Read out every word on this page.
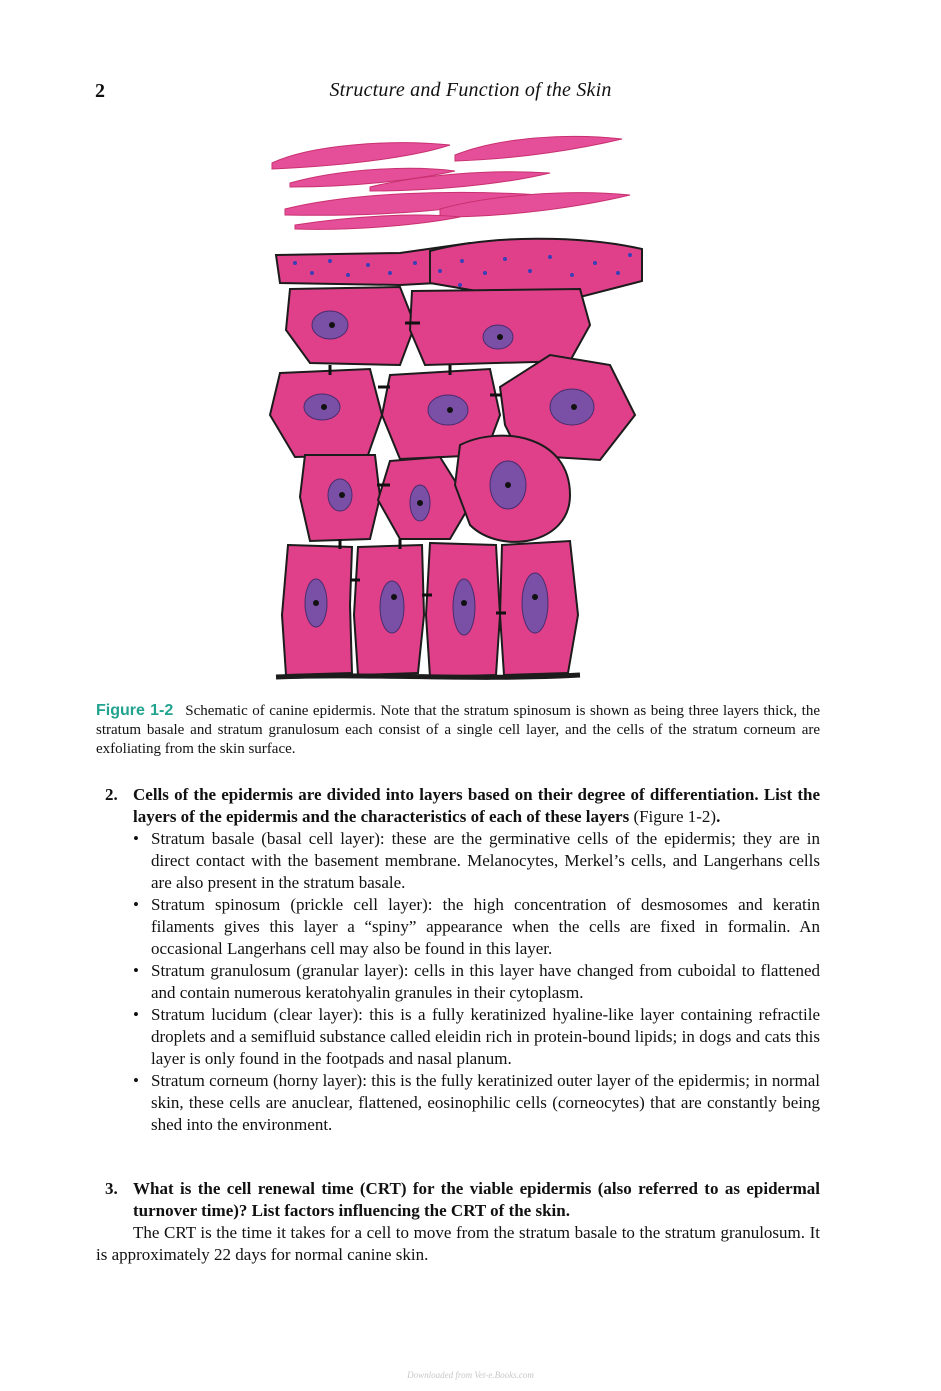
2	Structure and Function of the Skin
Figure 1-2 Schematic of canine epidermis. Note that the stratum spinosum is shown as being three layers thick, the stratum basale and stratum granulosum each consist of a single cell layer, and the cells of the stratum corneum are exfoliating from the skin surface.
2. Cells of the epidermis are divided into layers based on their degree of differentiation. List the layers of the epidermis and the characteristics of each of these layers (Figure 1-2).
• Stratum basale (basal cell layer): these are the germinative cells of the epidermis; they are in direct contact with the basement membrane. Melanocytes, Merkel’s cells, and Langerhans cells are also present in the stratum basale.
• Stratum spinosum (prickle cell layer): the high concentration of desmosomes and keratin filaments gives this layer a “spiny” appearance when the cells are fixed in formalin. An occasional Langerhans cell may also be found in this layer.
• Stratum granulosum (granular layer): cells in this layer have changed from cuboidal to flattened and contain numerous keratohyalin granules in their cytoplasm.
• Stratum lucidum (clear layer): this is a fully keratinized hyaline-like layer containing refractile droplets and a semifluid substance called eleidin rich in protein-bound lipids; in dogs and cats this layer is only found in the footpads and nasal planum.
• Stratum corneum (horny layer): this is the fully keratinized outer layer of the epidermis; in normal skin, these cells are anuclear, flattened, eosinophilic cells (corneocytes) that are constantly being shed into the environment.
3. What is the cell renewal time (CRT) for the viable epidermis (also referred to as epidermal turnover time)? List factors influencing the CRT of the skin.

The CRT is the time it takes for a cell to move from the stratum basale to the stratum granulosum. It is approximately 22 days for normal canine skin.

Downloaded from Vet-e.Books.com
